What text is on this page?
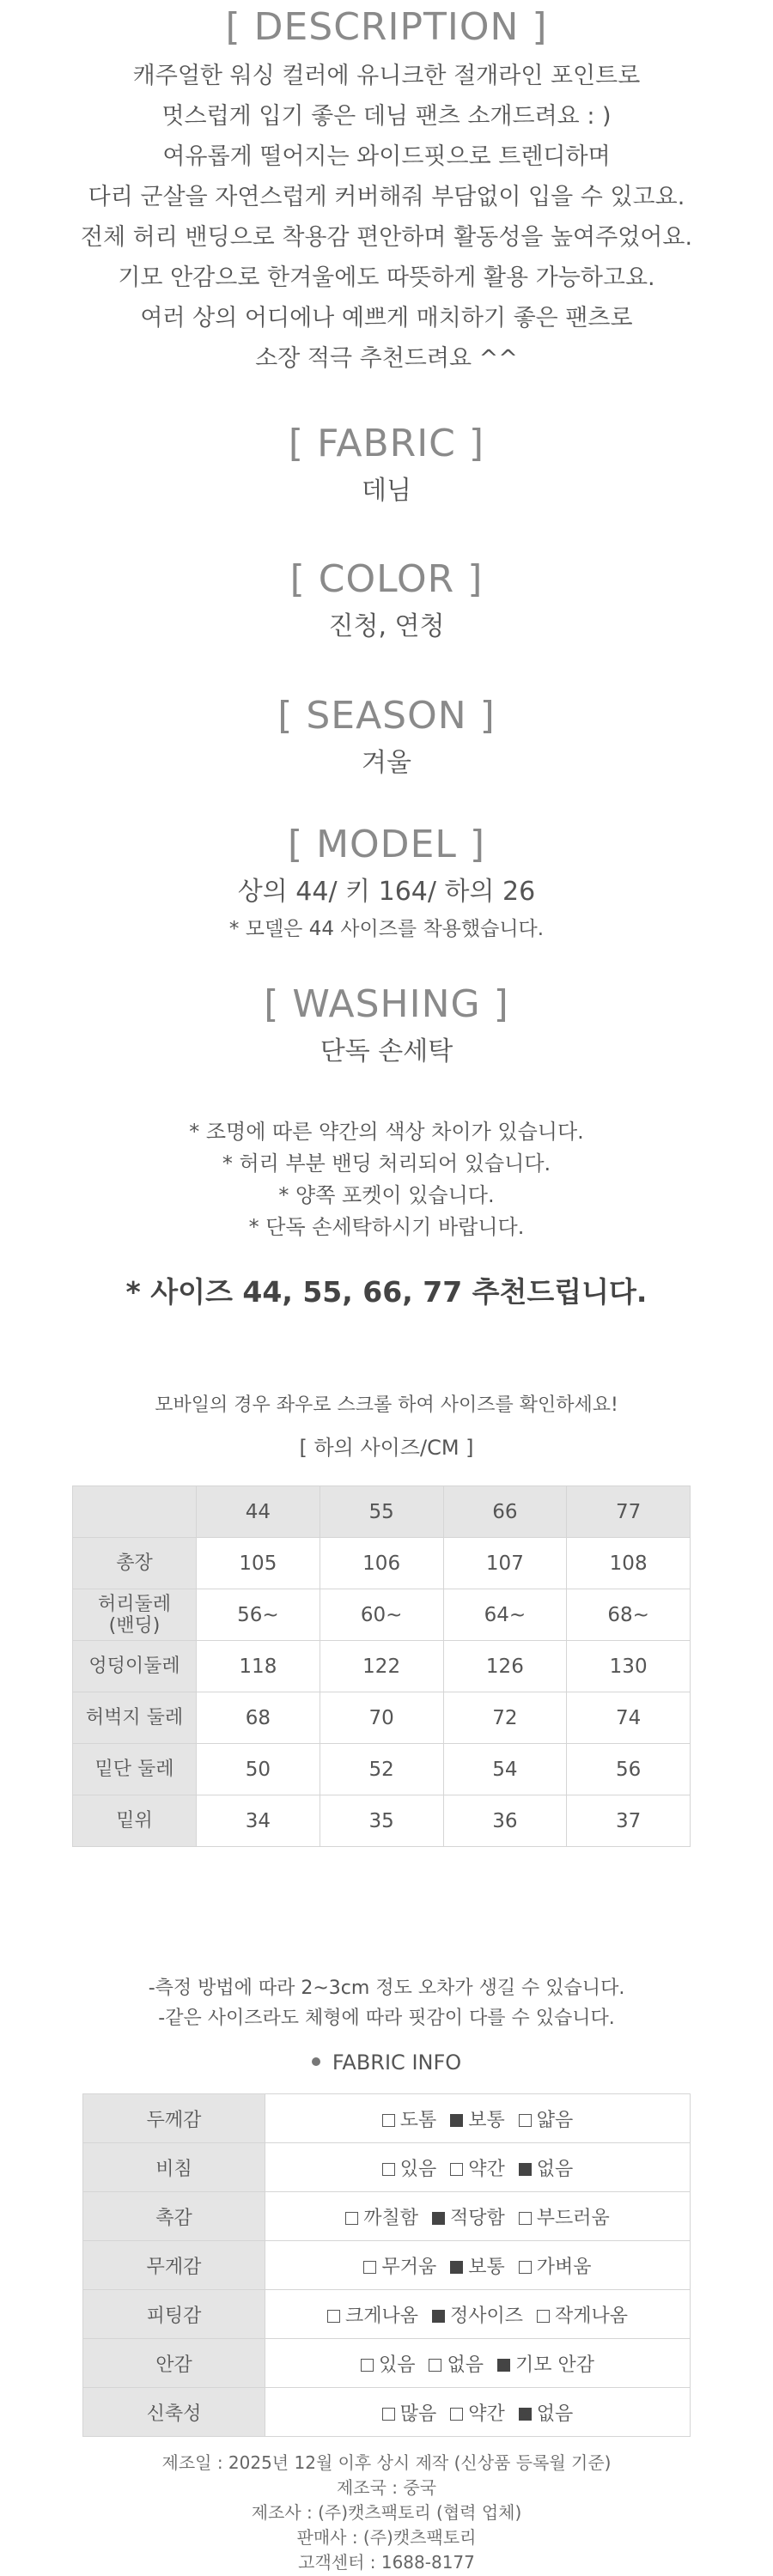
[ DESCRIPTION ]
캐주얼한 워싱 컬러에 유니크한 절개라인 포인트로
멋스럽게 입기 좋은 데님 팬츠 소개드려요 : )
여유롭게 떨어지는 와이드핏으로 트렌디하며
다리 군살을 자연스럽게 커버해줘 부담없이 입을 수 있고요.
전체 허리 밴딩으로 착용감 편안하며 활동성을 높여주었어요.
기모 안감으로 한겨울에도 따뜻하게 활용 가능하고요.
여러 상의 어디에나 예쁘게 매치하기 좋은 팬츠로
소장 적극 추천드려요 ^^
[ FABRIC ]
데님
[ COLOR ]
진청, 연청
[ SEASON ]
겨울
[ MODEL ]
상의 44/ 키 164/ 하의 26
* 모델은 44 사이즈를 착용했습니다.
[ WASHING ]
단독 손세탁
* 조명에 따른 약간의 색상 차이가 있습니다.
* 허리 부분 밴딩 처리되어 있습니다.
* 양쪽 포켓이 있습니다.
* 단독 손세탁하시기 바랍니다.
* 사이즈 44, 55, 66, 77 추천드립니다.
모바일의 경우 좌우로 스크롤 하여 사이즈를 확인하세요!
[ 하의 사이즈/CM ]
	44	55	66	77
총장	105	106	107	108
허리둘레
(밴딩)	56~	60~	64~	68~
엉덩이둘레	118	122	126	130
허벅지 둘레	68	70	72	74
밑단 둘레	50	52	54	56
밑위	34	35	36	37
-측정 방법에 따라 2~3cm 정도 오차가 생길 수 있습니다.
-같은 사이즈라도 체형에 따라 핏감이 다를 수 있습니다.
FABRIC INFO
두께감	도톰 보통 얇음
비침	있음 약간 없음
촉감	까칠함 적당함 부드러움
무게감	무거움 보통 가벼움
피팅감	크게나옴 정사이즈 작게나옴
안감	있음 없음 기모 안감
신축성	많음 약간 없음
제조일 : 2025년 12월 이후 상시 제작 (신상품 등록월 기준)
제조국 : 중국
제조사 : (주)캣츠팩토리 (협력 업체)
판매사 : (주)캣츠팩토리
고객센터 : 1688-8177
